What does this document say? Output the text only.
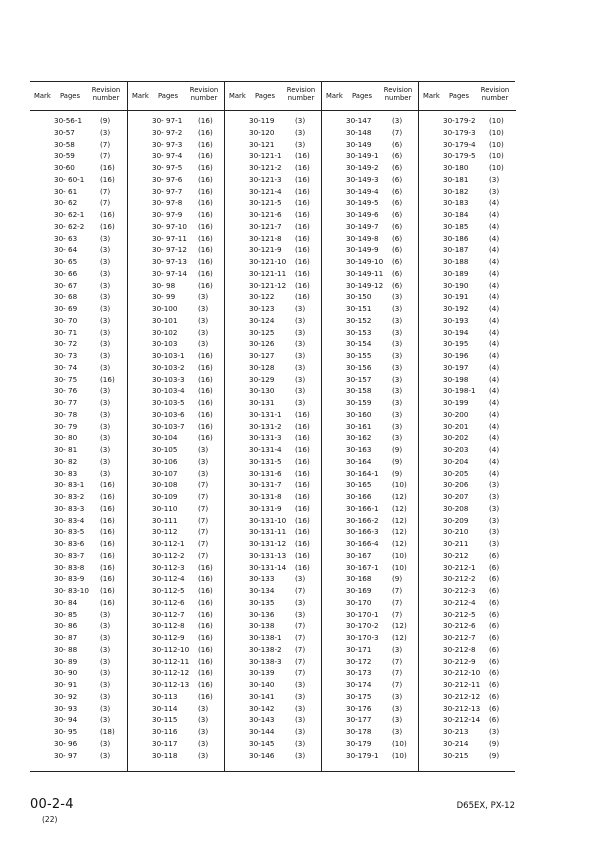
Mark Pages
Revision number
30-56-1 (9)
30-57	(3)
30-58	(7)
30-59	(7)
30-60	(16)
30- 60-1 (16)
30- 61	(7)
30- 62	(7)
30- 62-1 (16)
30- 62-2 (16)
30- 63	(3)
30- 64	(3)
30- 65	(3)
30- 66	(3)
30- 67	(3)
30- 68	(3)
30- 69	(3)
30- 70	(3)
30- 71	(3)
30- 72	(3)
30- 73	(3)
30- 74	(3)
30- 75	(16)
30- 76	(3)
30- 77	(3)
30- 78	(3)
30- 79	(3)
30- 80	(3)
30- 81	(3)
30- 82	(3)
30- 83	(3)
30- 83-1 (16)
30- 83-2 (16)
30- 83-3 (16)
30- 83-4 (16)
30- 83-5 (16)
30- 83-6 (16)
30- 83-7 (16)
30- 83-8 (16)
30- 83-9 (16)
30- 83-10 (16)
30- 84	(16)
30- 85	(3)
30- 86	(3)
30- 87	(3)
30- 88	(3)
30- 89	(3)
30- 90	(3)
30- 91	(3)
30- 92	(3)
30- 93	(3)
30- 94	(3)
30- 95	(18)
30- 96	(3)
30- 97	(3)
Mark Pages
Revision number
30- 97-1 (16)
30- 97-2 (16)
30- 97-3 (16)
30- 97-4 (16)
30- 97-5 (16)
30- 97-6 (16)
30- 97-7 (16)
30- 97-8 (16)
30- 97-9 (16)
30- 97-10 (16)
30- 97-11 (16)
30- 97-12 (16)
30- 97-13 (16)
30- 97-14 (16)
30- 98	(16)
30- 99	(3)
30-100	(3)
30-101	(3)
30-102	(3)
30-103	(3)
30-103-1 (16)
30-103-2 (16)
30-103-3 (16)
30-103-4 (16)
30-103-5 (16)
30-103-6 (16)
30-103-7 (16)
30-104	(16)
30-105	(3)
30-106	(3)
30-107	(3)
30-108	(7)
30-109	(7)
30-110	(7)
30-111	(7)
30-112	(7)
30-112-1 (7)
30-112-2 (7)
30-112-3 (16)
30-112-4 (16)
30-112-5 (16)
30-112-6 (16)
30-112-7 (16)
30-112-8 (16)
30-112-9 (16)
30-112-10 (16)
30-112-11 (16)
30-112-12 (16)
30-112-13 (16)
30-113	(16)
30-114	(3)
30-115	(3)
30-116	(3)
30-117	(3)
30-118	(3)
Mark Pages
Revision number
30-119	(3)
30-120	(3)
30-121	(3)
30-121-1 (16)
30-121-2 (16)
30-121-3 (16)
30-121-4 (16)
30-121-5 (16)
30-121-6 (16)
30-121-7 (16)
30-121-8 (16)
30-121-9 (16)
30-121-10 (16)
30-121-11 (16)
30-121-12 (16)
30-122	(16)
30-123	(3)
30-124	(3)
30-125	(3)
30-126	(3)
30-127	(3)
30-128	(3)
30-129	(3)
30-130	(3)
30-131	(3)
30-131-1 (16)
30-131-2 (16)
30-131-3 (16)
30-131-4 (16)
30-131-5 (16)
30-131-6 (16)
30-131-7 (16)
30-131-8 (16)
30-131-9 (16)
30-131-10 (16)
30-131-11 (16)
30-131-12 (16)
30-131-13 (16)
30-131-14 (16)
30-133	(3)
30-134	(7)
30-135	(3)
30-136	(3)
30-138	(7)
30-138-1 (7)
30-138-2 (7)
30-138-3 (7)
30-139	(7)
30-140	(3)
30-141	(3)
30-142	(3)
30-143	(3)
30-144	(3)
30-145	(3)
30-146	(3)
Mark Pages
Revision number
30-147	(3)
30-148	(7)
30-149	(6)
30-149-1 (6)
30-149-2 (6)
30-149-3 (6)
30-149-4 (6)
30-149-5 (6)
30-149-6 (6)
30-149-7 (6)
30-149-8 (6)
30-149-9 (6)
30-149-10 (6)
30-149-11 (6)
30-149-12 (6)
30-150	(3)
30-151	(3)
30-152	(3)
30-153	(3)
30-154	(3)
30-155	(3)
30-156	(3)
30-157	(3)
30-158	(3)
30-159	(3)
30-160	(3)
30-161	(3)
30-162	(3)
30-163	(9)
30-164	(9)
30-164-1 (9)
30-165	(10)
30-166	(12)
30-166-1 (12)
30-166-2 (12)
30-166-3 (12)
30-166-4 (12)
30-167	(10)
30-167-1 (10)
30-168	(9)
30-169	(7)
30-170	(7)
30-170-1 (7)
30-170-2 (12)
30-170-3 (12)
30-171	(3)
30-172	(7)
30-173	(7)
30-174	(7)
30-175	(3)
30-176	(3)
30-177	(3)
30-178	(3)
30-179	(10)
30-179-1 (10)
Mark Pages
Revision number
30-179-2 (10)
30-179-3 (10)
30-179-4 (10)
30-179-5 (10)
30-180	(10)
30-181	(3)
30-182	(3)
30-183	(4)
30-184	(4)
30-185	(4)
30-186	(4)
30-187	(4)
30-188	(4)
30-189	(4)
30-190	(4)
30-191	(4)
30-192	(4)
30-193	(4)
30-194	(4)
30-195	(4)
30-196	(4)
30-197	(4)
30-198	(4)
30-198-1 (4)
30-199	(4)
30-200	(4)
30-201	(4)
30-202	(4)
30-203	(4)
30-204	(4)
30-205	(4)
30-206	(3)
30-207	(3)
30-208	(3)
30-209	(3)
30-210	(3)
30-211	(3)
30-212	(6)
30-212-1 (6)
30-212-2 (6)
30-212-3 (6)
30-212-4 (6)
30-212-5 (6)
30-212-6 (6)
30-212-7 (6)
30-212-8 (6)
30-212-9 (6)
30-212-10 (6)
30-212-11 (6)
30-212-12 (6)
30-212-13 (6)
30-212-14 (6)
30-213	(3)
30-214	(9)
30-215	(9)
00-2-4
(22)
D65EX, PX-12
